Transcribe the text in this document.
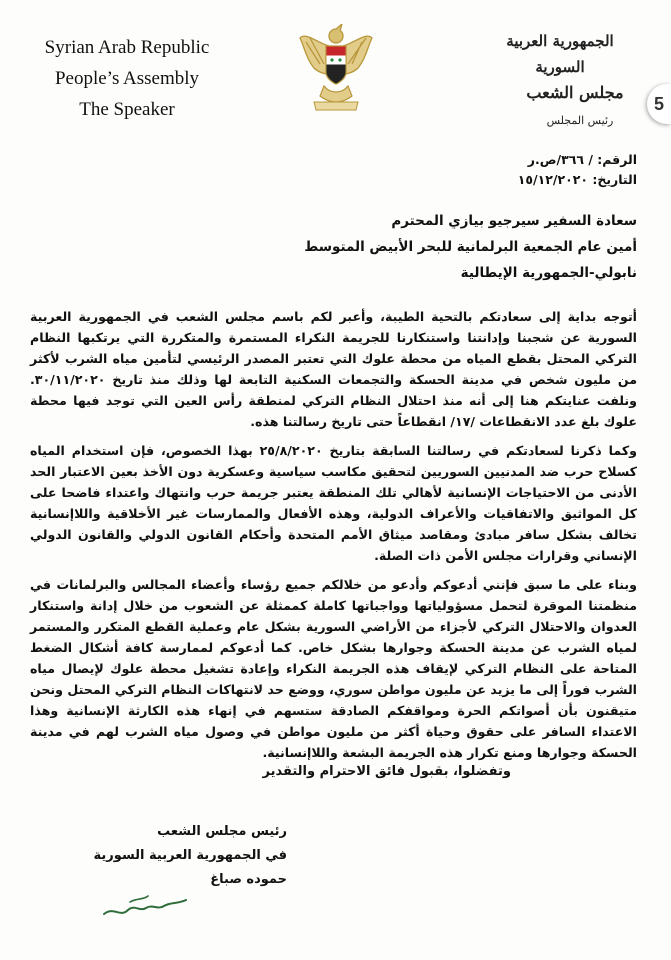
Syrian Arab Republic
People’s Assembly
The Speaker
الجمهورية العربية السورية
مجلس الشعب
رئيس المجلس
5
الرقم: / ٣٦٦/ص.ر
التاريخ: ١٥/١٢/٢٠٢٠
سعادة السفير سيرجيو بيازي المحترم
أمين عام الجمعية البرلمانية للبحر الأبيض المتوسط
نابولي-الجمهورية الإيطالية

أتوجه بداية إلى سعادتكم بالتحية الطيبة، وأعبر لكم باسم مجلس الشعب في الجمهورية العربية السورية عن شجبنا وإدانتنا واستنكارنا للجريمة النكراء المستمرة والمتكررة التي يرتكبها النظام التركي المحتل بقطع المياه من محطة علوك التي تعتبر المصدر الرئيسي لتأمين مياه الشرب لأكثر من مليون شخص في مدينة الحسكة والتجمعات السكنية التابعة لها وذلك منذ تاريخ ٣٠/١١/٢٠٢٠. ونلفت عنايتكم هنا إلى أنه منذ احتلال النظام التركي لمنطقة رأس العين التي توجد فيها محطة علوك بلغ عدد الانقطاعات /١٧/ انقطاعاً حتى تاريخ رسالتنا هذه.

وكما ذكرنا لسعادتكم في رسالتنا السابقة بتاريخ ٢٥/٨/٢٠٢٠ بهذا الخصوص، فإن استخدام المياه كسلاح حرب ضد المدنيين السوريين لتحقيق مكاسب سياسية وعسكرية دون الأخذ بعين الاعتبار الحد الأدنى من الاحتياجات الإنسانية لأهالي تلك المنطقة يعتبر جريمة حرب وانتهاك واعتداء فاضحا على كل المواثيق والاتفاقيات والأعراف الدولية، وهذه الأفعال والممارسات غير الأخلاقية واللاإنسانية تخالف بشكل سافر مبادئ ومقاصد ميثاق الأمم المتحدة وأحكام القانون الدولي والقانون الدولي الإنساني وقرارات مجلس الأمن ذات الصلة.

وبناء على ما سبق فإنني أدعوكم وأدعو من خلالكم جميع رؤساء وأعضاء المجالس والبرلمانات في منظمتنا الموقرة لتحمل مسؤولياتها وواجباتها كاملة كممثلة عن الشعوب من خلال إدانة واستنكار العدوان والاحتلال التركي لأجزاء من الأراضي السورية بشكل عام وعملية القطع المتكرر والمستمر لمياه الشرب عن مدينة الحسكة وجوارها بشكل خاص. كما أدعوكم لممارسة كافة أشكال الضغط المتاحة على النظام التركي لإيقاف هذه الجريمة النكراء وإعادة تشغيل محطة علوك لإيصال مياه الشرب فوراً إلى ما يزيد عن مليون مواطن سوري، ووضع حد لانتهاكات النظام التركي المحتل ونحن متيقنون بأن أصواتكم الحرة ومواقفكم الصادقة ستسهم في إنهاء هذه الكارثة الإنسانية وهذا الاعتداء السافر على حقوق وحياة أكثر من مليون مواطن في وصول مياه الشرب لهم في مدينة الحسكة وجوارها ومنع تكرار هذه الجريمة البشعة واللاإنسانية.

وتفضلوا، بقبول فائق الاحترام والتقدير
رئيس مجلس الشعب
في الجمهورية العربية السورية
حموده صباغ
